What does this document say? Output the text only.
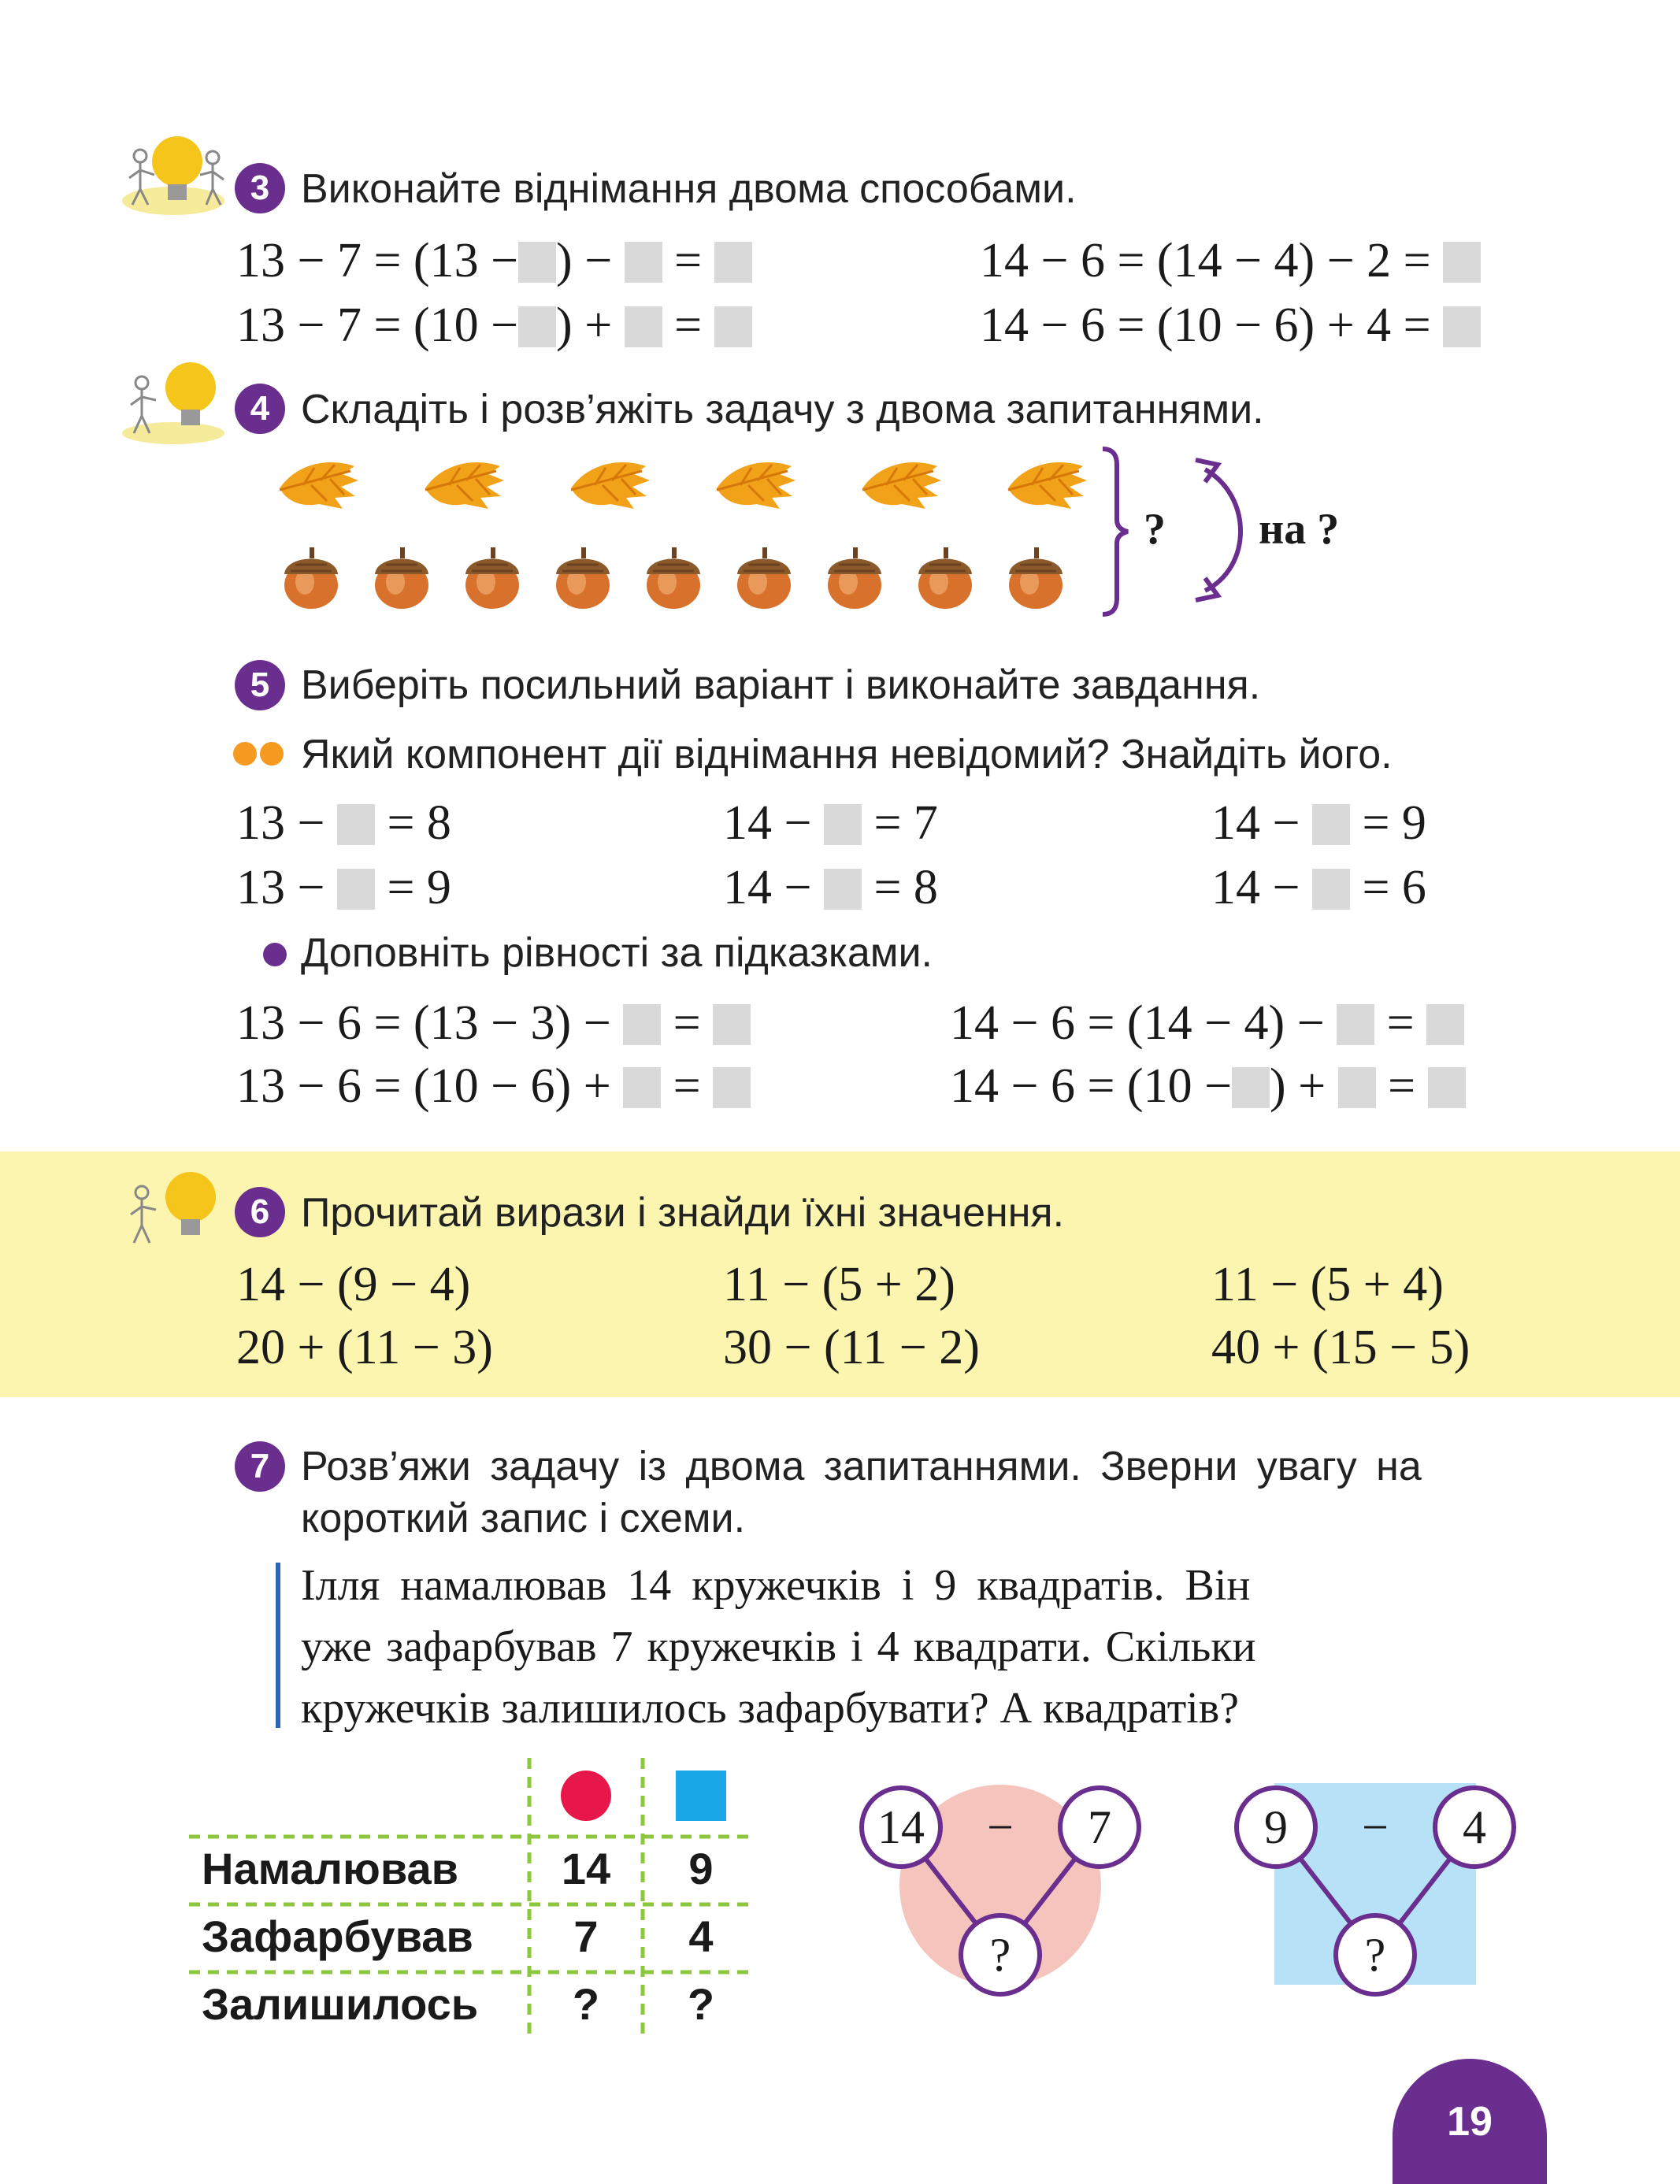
3 Виконайте віднімання двома способами.
13 − 7 = (13 − ) − =
13 − 7 = (10 − ) + =
14 − 6 = (14 − 4) − 2 =
14 − 6 = (10 − 6) + 4 =
4 Складіть і розв’яжіть задачу з двома запитаннями.
? на ?
5 Виберіть посильний варіант і виконайте завдання.
Який компонент дії віднімання невідомий? Знайдіть його.
13 − = 8	14 − = 7	14 − = 9
13 − = 9	14 − = 8	14 − = 6
Доповніть рівності за підказками.
13 − 6 = (13 − 3) − =
13 − 6 = (10 − 6) + =
14 − 6 = (14 − 4) − =
14 − 6 = (10 − ) + =
6 Прочитай вирази і знайди їхні значення.
14 − (9 − 4)	11 − (5 + 2)	11 − (5 + 4)
20 + (11 − 3)	30 − (11 − 2)	40 + (15 − 5)
7 Розв’яжи задачу із двома запитаннями. Зверни увагу на
короткий запис і схеми.
Ілля намалював 14 кружечків і 9 квадратів. Він
уже зафарбував 7 кружечків і 4 квадрати. Скільки
кружечків залишилось зафарбувати? А квадратів?
Намалював 14	9
Зафарбував	7	4
Залишилось	?	?
14	−	7
?
9	−	4
?
19
